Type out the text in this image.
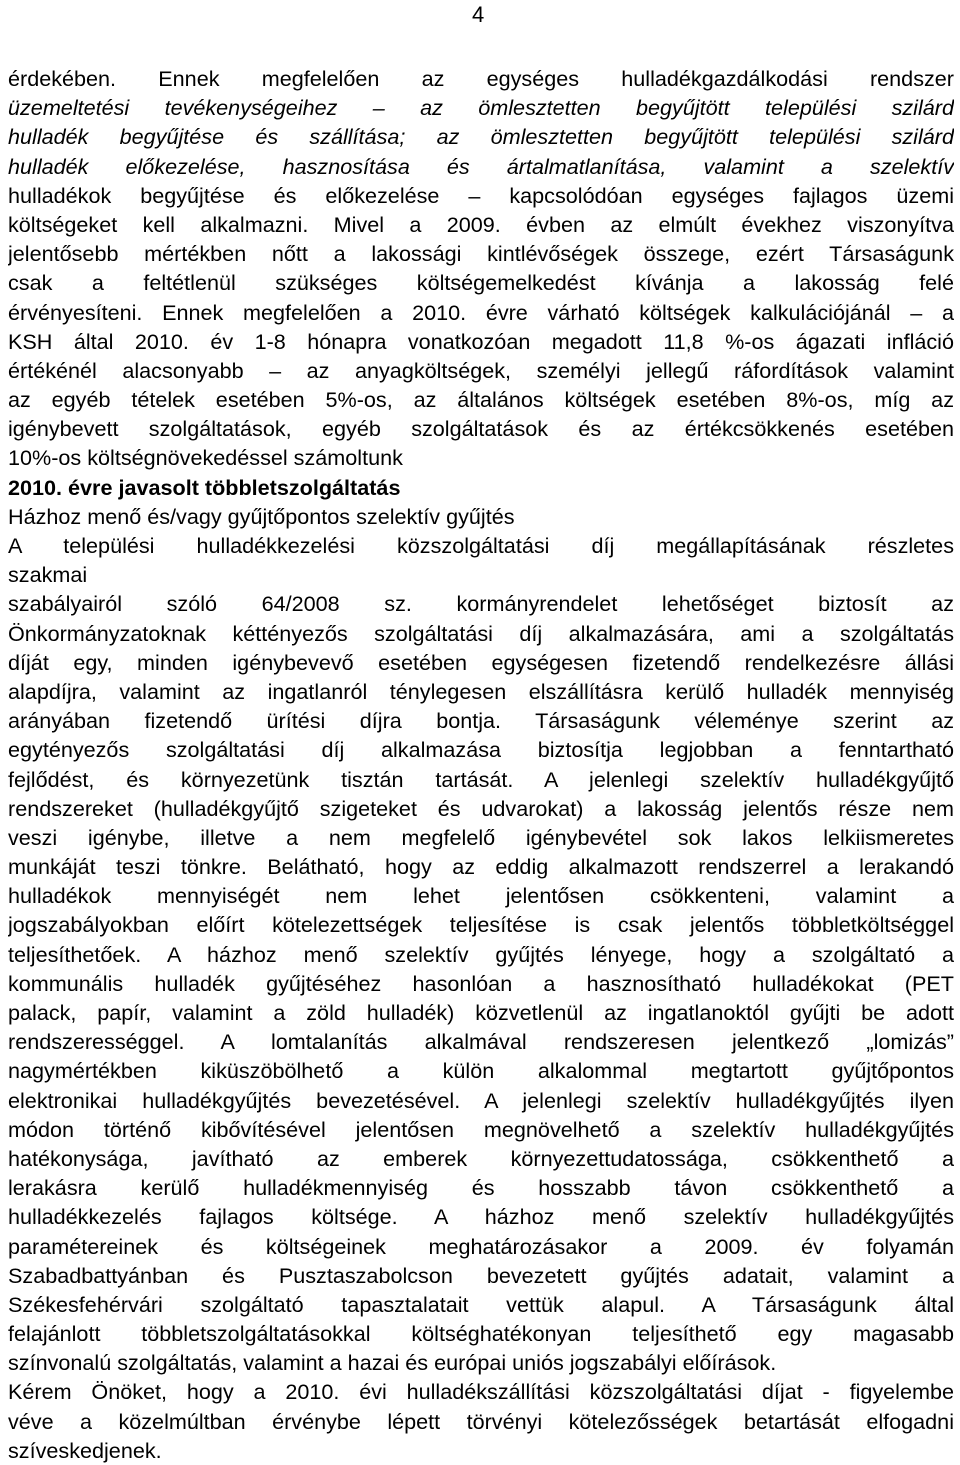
4
érdekében. Ennek megfelelően az egységes hulladékgazdálkodási rendszer
üzemeltetési tevékenységeihez – az ömlesztetten begyűjtött települési szilárd
hulladék begyűjtése és szállítása; az ömlesztetten begyűjtött települési szilárd
hulladék előkezelése, hasznosítása és ártalmatlanítása, valamint a szelektív
hulladékok begyűjtése és előkezelése – kapcsolódóan egységes fajlagos üzemi
költségeket kell alkalmazni. Mivel a 2009. évben az elmúlt évekhez viszonyítva
jelentősebb mértékben nőtt a lakossági kintlévőségek összege, ezért Társaságunk
csak a feltétlenül szükséges költségemelkedést kívánja a lakosság felé
érvényesíteni. Ennek megfelelően a 2010. évre várható költségek kalkulációjánál – a
KSH által 2010. év 1-8 hónapra vonatkozóan megadott 11,8 %-os ágazati infláció
értékénél alacsonyabb – az anyagköltségek, személyi jellegű ráfordítások valamint
az egyéb tételek esetében 5%-os, az általános költségek esetében 8%-os, míg az
igénybevett szolgáltatások, egyéb szolgáltatások és az értékcsökkenés esetében
10%-os költségnövekedéssel számoltunk
2010. évre javasolt többletszolgáltatás
Házhoz menő és/vagy gyűjtőpontos szelektív gyűjtés
A települési hulladékkezelési közszolgáltatási díj megállapításának részletes
szakmai
szabályairól szóló 64/2008 sz. kormányrendelet lehetőséget biztosít az
Önkormányzatoknak kéttényezős szolgáltatási díj alkalmazására, ami a szolgáltatás
díját egy, minden igénybevevő esetében egységesen fizetendő rendelkezésre állási
alapdíjra, valamint az ingatlanról ténylegesen elszállításra kerülő hulladék mennyiség
arányában fizetendő ürítési díjra bontja. Társaságunk véleménye szerint az
egytényezős szolgáltatási díj alkalmazása biztosítja legjobban a fenntartható
fejlődést, és környezetünk tisztán tartását. A jelenlegi szelektív hulladékgyűjtő
rendszereket (hulladékgyűjtő szigeteket és udvarokat) a lakosság jelentős része nem
veszi igénybe, illetve a nem megfelelő igénybevétel sok lakos lelkiismeretes
munkáját teszi tönkre. Belátható, hogy az eddig alkalmazott rendszerrel a lerakandó
hulladékok mennyiségét nem lehet jelentősen csökkenteni, valamint a
jogszabályokban előírt kötelezettségek teljesítése is csak jelentős többletköltséggel
teljesíthetőek. A házhoz menő szelektív gyűjtés lényege, hogy a szolgáltató a
kommunális hulladék gyűjtéséhez hasonlóan a hasznosítható hulladékokat (PET
palack, papír, valamint a zöld hulladék) közvetlenül az ingatlanoktól gyűjti be adott
rendszerességgel. A lomtalanítás alkalmával rendszeresen jelentkező „lomizás”
nagymértékben kiküszöbölhető a külön alkalommal megtartott gyűjtőpontos
elektronikai hulladékgyűjtés bevezetésével. A jelenlegi szelektív hulladékgyűjtés ilyen
módon történő kibővítésével jelentősen megnövelhető a szelektív hulladékgyűjtés
hatékonysága, javítható az emberek környezettudatossága, csökkenthető a
lerakásra kerülő hulladékmennyiség és hosszabb távon csökkenthető a
hulladékkezelés fajlagos költsége. A házhoz menő szelektív hulladékgyűjtés
paramétereinek és költségeinek meghatározásakor a 2009. év folyamán
Szabadbattyánban és Pusztaszabolcson bevezetett gyűjtés adatait, valamint a
Székesfehérvári szolgáltató tapasztalatait vettük alapul. A Társaságunk által
felajánlott többletszolgáltatásokkal költséghatékonyan teljesíthető egy magasabb
színvonalú szolgáltatás, valamint a hazai és európai uniós jogszabályi előírások.
Kérem Önöket, hogy a 2010. évi hulladékszállítási közszolgáltatási díjat - figyelembe
véve a közelmúltban érvénybe lépett törvényi kötelezősségek betartását elfogadni
szíveskedjenek.
